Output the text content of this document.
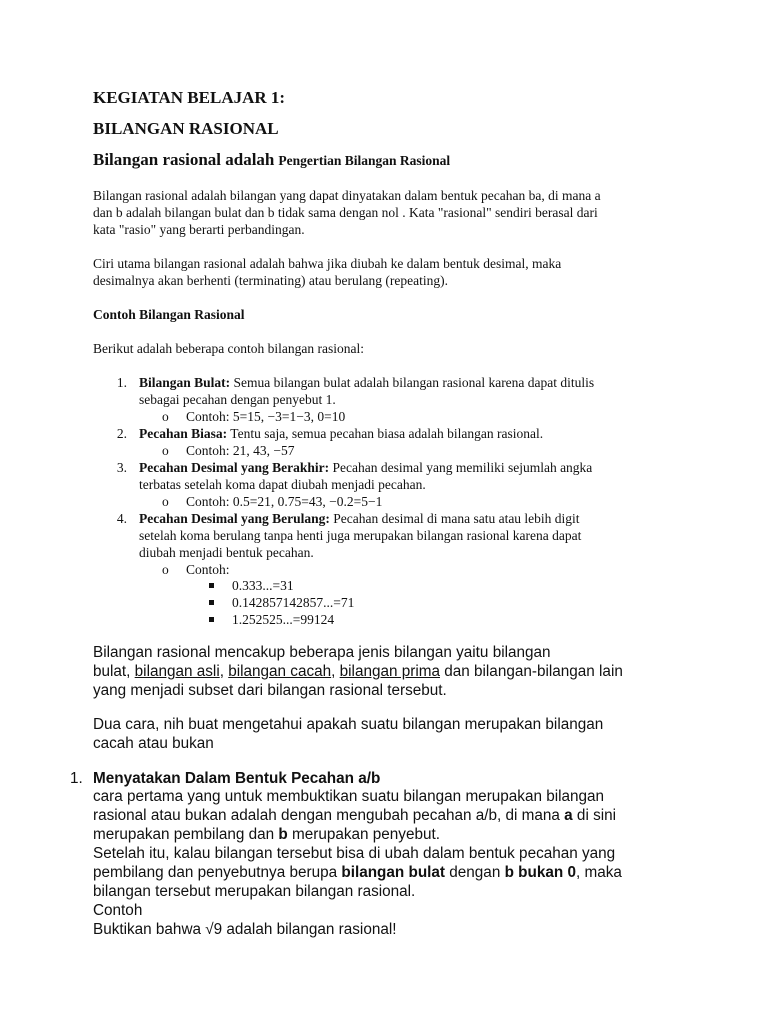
KEGIATAN BELAJAR 1:
BILANGAN RASIONAL
Bilangan rasional adalah Pengertian Bilangan Rasional
Bilangan rasional adalah bilangan yang dapat dinyatakan dalam bentuk pecahan ba, di mana a
dan b adalah bilangan bulat dan b tidak sama dengan nol . Kata "rasional" sendiri berasal dari
kata "rasio" yang berarti perbandingan.
Ciri utama bilangan rasional adalah bahwa jika diubah ke dalam bentuk desimal, maka
desimalnya akan berhenti (terminating) atau berulang (repeating).
Contoh Bilangan Rasional
Berikut adalah beberapa contoh bilangan rasional:
1. Bilangan Bulat: Semua bilangan bulat adalah bilangan rasional karena dapat ditulis
sebagai pecahan dengan penyebut 1.
o Contoh: 5=15, −3=1−3, 0=10
2. Pecahan Biasa: Tentu saja, semua pecahan biasa adalah bilangan rasional.
o Contoh: 21, 43, −57
3. Pecahan Desimal yang Berakhir: Pecahan desimal yang memiliki sejumlah angka
terbatas setelah koma dapat diubah menjadi pecahan.
o Contoh: 0.5=21, 0.75=43, −0.2=5−1
4. Pecahan Desimal yang Berulang: Pecahan desimal di mana satu atau lebih digit
setelah koma berulang tanpa henti juga merupakan bilangan rasional karena dapat
diubah menjadi bentuk pecahan.
o Contoh:
0.333...=31
0.142857142857...=71
1.252525...=99124
Bilangan rasional mencakup beberapa jenis bilangan yaitu bilangan
bulat, bilangan asli, bilangan cacah, bilangan prima dan bilangan-bilangan lain
yang menjadi subset dari bilangan rasional tersebut.
Dua cara, nih buat mengetahui apakah suatu bilangan merupakan bilangan
cacah atau bukan
1. Menyatakan Dalam Bentuk Pecahan a/b
cara pertama yang untuk membuktikan suatu bilangan merupakan bilangan
rasional atau bukan adalah dengan mengubah pecahan a/b, di mana a di sini
merupakan pembilang dan b merupakan penyebut.
Setelah itu, kalau bilangan tersebut bisa di ubah dalam bentuk pecahan yang
pembilang dan penyebutnya berupa bilangan bulat dengan b bukan 0, maka
bilangan tersebut merupakan bilangan rasional.
Contoh
Buktikan bahwa √9 adalah bilangan rasional!
